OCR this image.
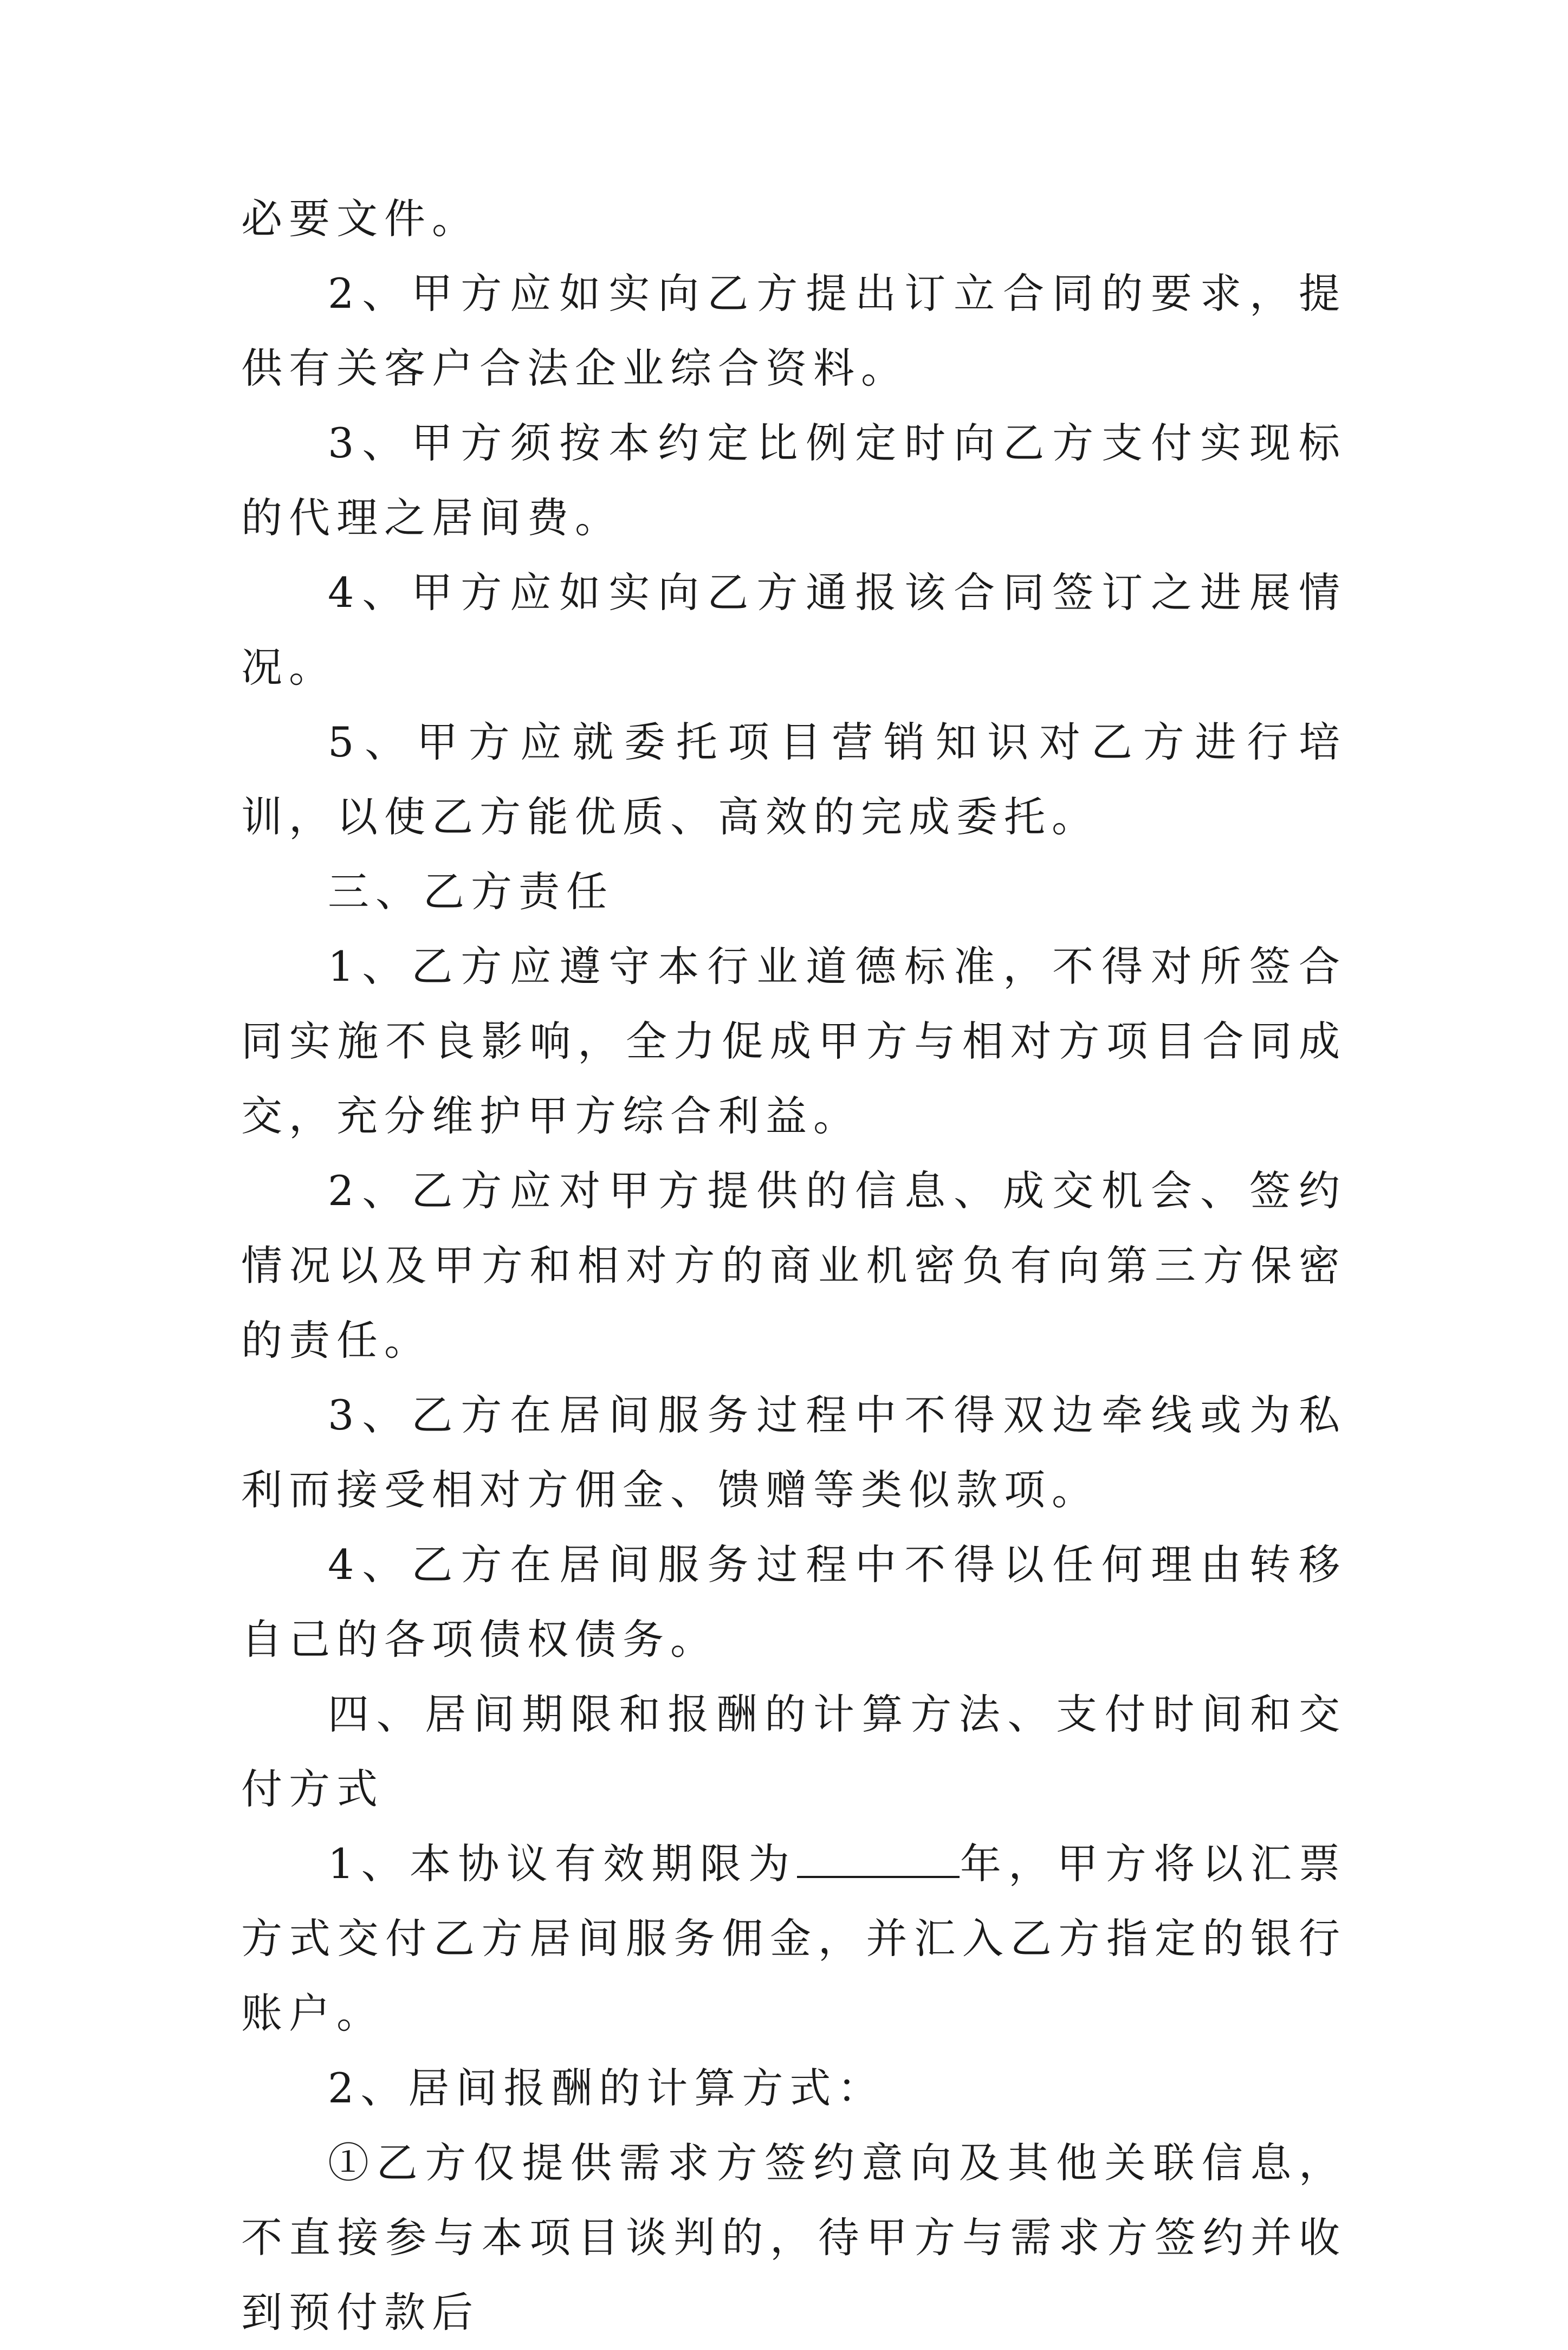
必要文件。

2、甲方应如实向乙方提出订立合同的要求，提供有关客户合法企业综合资料。

3、甲方须按本约定比例定时向乙方支付实现标的代理之居间费。

4、甲方应如实向乙方通报该合同签订之进展情况。

5、甲方应就委托项目营销知识对乙方进行培训，以使乙方能优质、高效的完成委托。

三、乙方责任

1、乙方应遵守本行业道德标准，不得对所签合同实施不良影响，全力促成甲方与相对方项目合同成交，充分维护甲方综合利益。

2、乙方应对甲方提供的信息、成交机会、签约情况以及甲方和相对方的商业机密负有向第三方保密的责任。

3、乙方在居间服务过程中不得双边牵线或为私利而接受相对方佣金、馈赠等类似款项。

4、乙方在居间服务过程中不得以任何理由转移自己的各项债权债务。

四、居间期限和报酬的计算方法、支付时间和交付方式

1、本协议有效期限为	年，甲方将以汇票方式交付乙方居间服务佣金，并汇入乙方指定的银行账户。

2、居间报酬的计算方式：

①乙方仅提供需求方签约意向及其他关联信息，不直接参与本项目谈判的，待甲方与需求方签约并收到预付款后
